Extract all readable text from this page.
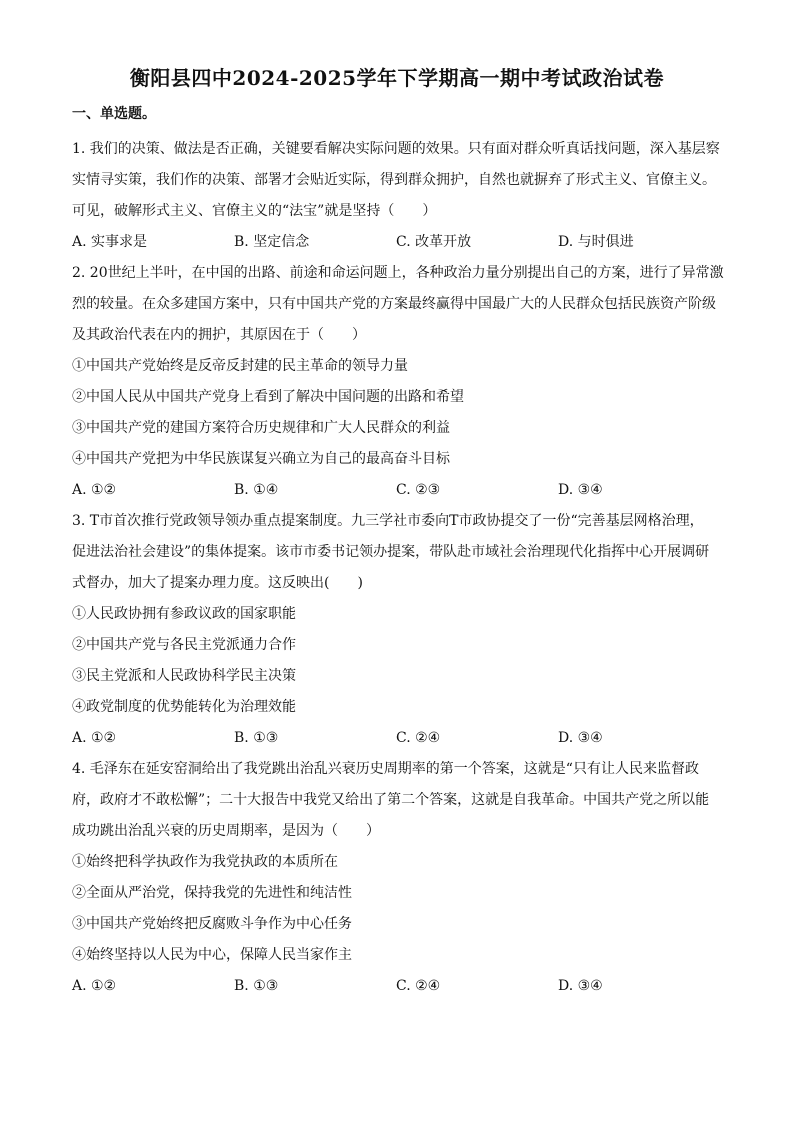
衡阳县四中2024-2025学年下学期高一期中考试政治试卷
一、单选题。
1. 我们的决策、做法是否正确，关键要看解决实际问题的效果。只有面对群众听真话找问题，深入基层察
实情寻实策，我们作的决策、部署才会贴近实际，得到群众拥护，自然也就摒弃了形式主义、官僚主义。
可见，破解形式主义、官僚主义的“法宝”就是坚持（　　）
A. 实事求是	B. 坚定信念	C. 改革开放	D. 与时俱进
2. 20世纪上半叶，在中国的出路、前途和命运问题上，各种政治力量分别提出自己的方案，进行了异常激
烈的较量。在众多建国方案中，只有中国共产党的方案最终赢得中国最广大的人民群众包括民族资产阶级
及其政治代表在内的拥护，其原因在于（　　）
①中国共产党始终是反帝反封建的民主革命的领导力量
②中国人民从中国共产党身上看到了解决中国问题的出路和希望
③中国共产党的建国方案符合历史规律和广大人民群众的利益
④中国共产党把为中华民族谋复兴确立为自己的最高奋斗目标
A. ①②	B. ①④	C. ②③	D. ③④
3. T市首次推行党政领导领办重点提案制度。九三学社市委向T市政协提交了一份“完善基层网格治理，
促进法治社会建设”的集体提案。该市市委书记领办提案，带队赴市域社会治理现代化指挥中心开展调研
式督办，加大了提案办理力度。这反映出(　　)
①人民政协拥有参政议政的国家职能
②中国共产党与各民主党派通力合作
③民主党派和人民政协科学民主决策
④政党制度的优势能转化为治理效能
A. ①②	B. ①③	C. ②④	D. ③④
4. 毛泽东在延安窑洞给出了我党跳出治乱兴衰历史周期率的第一个答案，这就是“只有让人民来监督政
府，政府才不敢松懈”；二十大报告中我党又给出了第二个答案，这就是自我革命。中国共产党之所以能
成功跳出治乱兴衰的历史周期率，是因为（　　）
①始终把科学执政作为我党执政的本质所在
②全面从严治党，保持我党的先进性和纯洁性
③中国共产党始终把反腐败斗争作为中心任务
④始终坚持以人民为中心，保障人民当家作主
A. ①②	B. ①③	C. ②④	D. ③④
